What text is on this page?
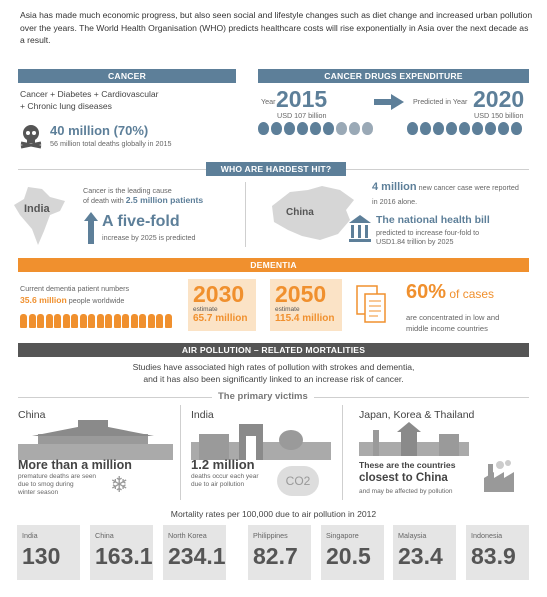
Asia has made much economic progress, but also seen social and lifestyle changes such as diet change and increased urban pollution over the years. The World Health Organisation (WHO) predicts healthcare costs will rise exponentially in Asia over the next decade as a result.
CANCER
Cancer + Diabetes + Cardiovascular
+ Chronic lung diseases
40 million (70%)
56 million total deaths globally in 2015
CANCER DRUGS EXPENDITURE
Year 2015
USD 107 billion
Predicted in Year 2020
USD 150 billion
WHO ARE HARDEST HIT?
India
Cancer is the leading cause
of death with 2.5 million patients
A five-fold
increase by 2025 is predicted
China
4 million new cancer case were reported
in 2016 alone.
The national health bill
predicted to increase four-fold to
USD1.84 trillion by 2025
DEMENTIA
Current dementia patient numbers
35.6 million people worldwide	2030
estimate
65.7 million
2050
estimate
115.4 million
60% of cases
are concentrated in low and
middle income countries
AIR POLLUTION – RELATED MORTALITIES
Studies have associated high rates of pollution with strokes and dementia,
and it has also been significantly linked to an increase risk of cancer.
The primary victims
China
More than a million
premature deaths are seen
due to smog during
winter season ❄
India
1.2 million
deaths occur each year
due to air pollution	CO2
Japan, Korea & Thailand
These are the countries
closest to China
and may be affected by pollution
Mortality rates per 100,000 due to air pollution in 2012
India
130
China
163.1
North Korea
234.1
Philippines
82.7
Singapore
20.5
Malaysia
23.4
Indonesia
83.9
